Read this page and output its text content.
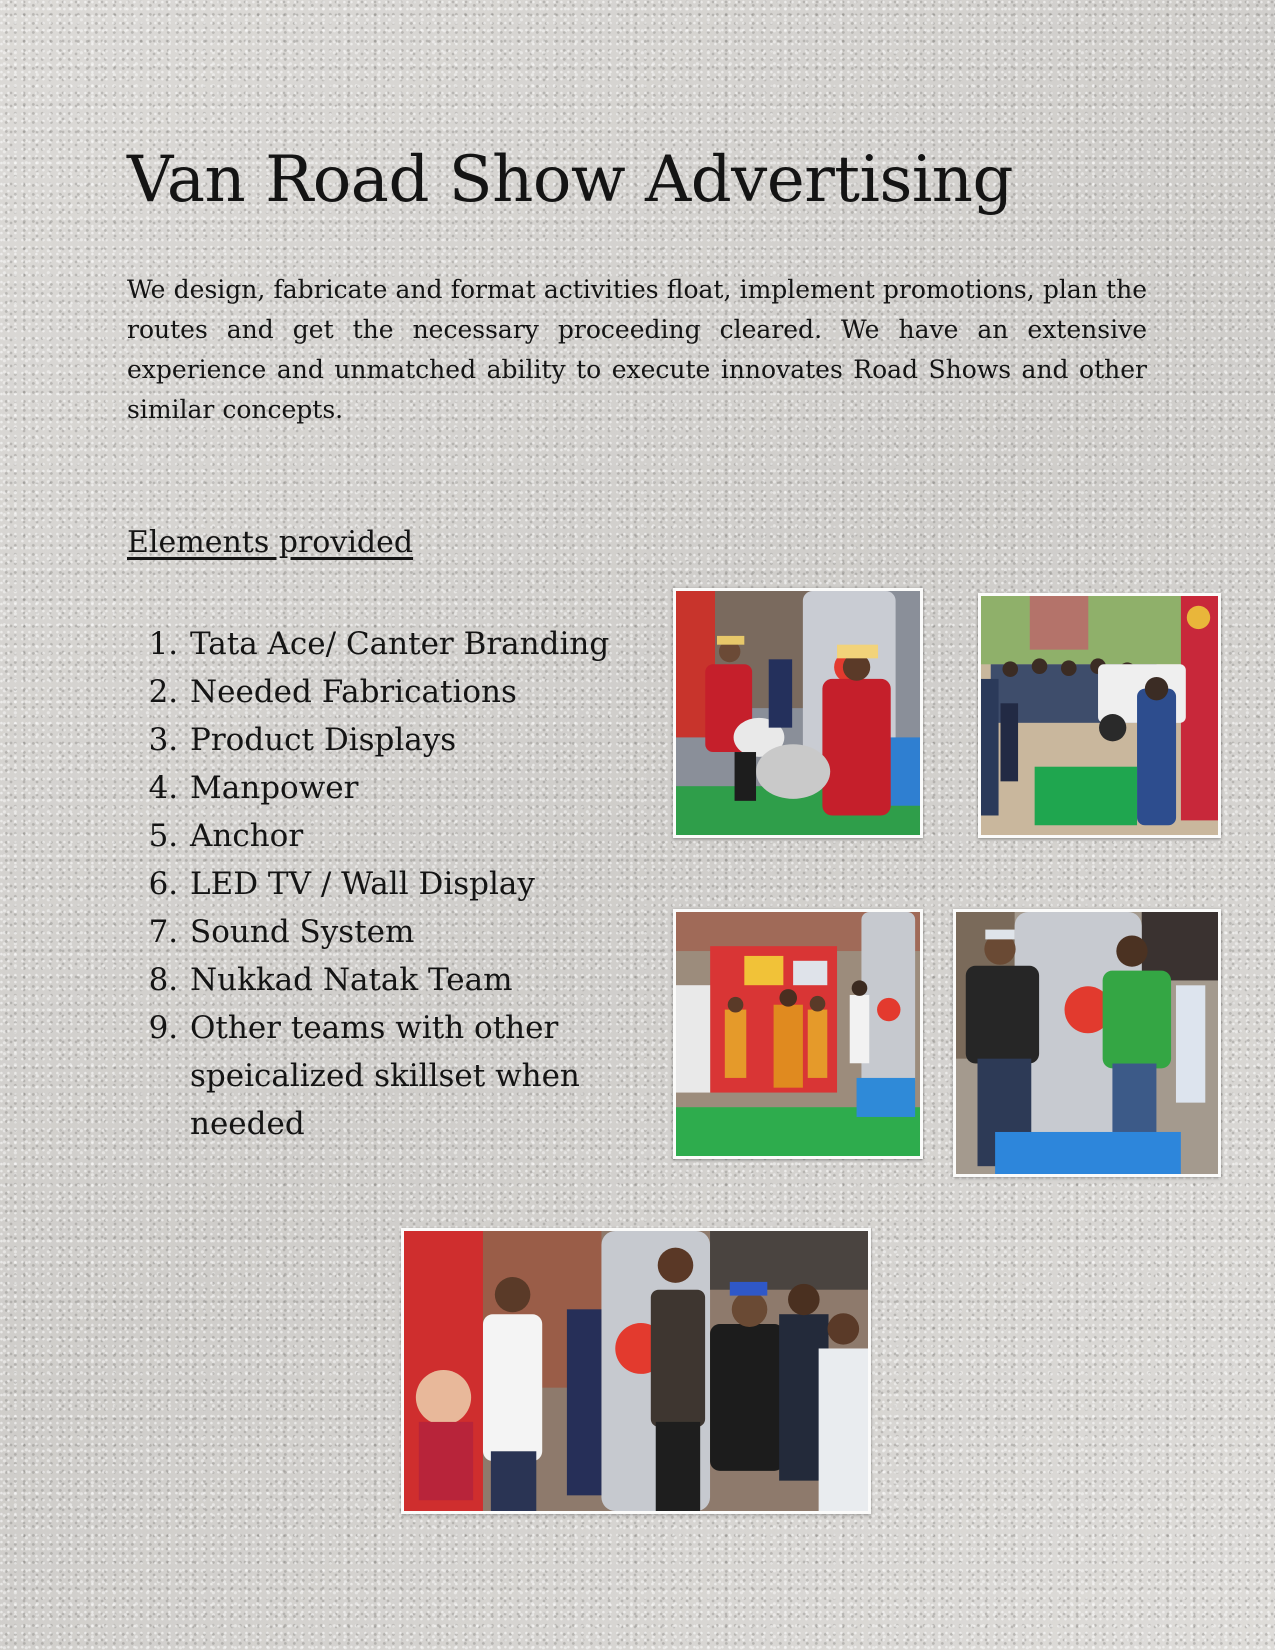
Van Road Show Advertising

We design, fabricate and format activities float, implement promotions, plan the routes and get the necessary proceeding cleared. We have an extensive experience and unmatched ability to execute innovates Road Shows and other similar concepts.

Elements provided
1. Tata Ace/ Canter Branding
2. Needed Fabrications
3. Product Displays
4. Manpower
5. Anchor
6. LED TV / Wall Display
7. Sound System
8. Nukkad Natak Team
9. Other teams with other speicalized skillset when needed
